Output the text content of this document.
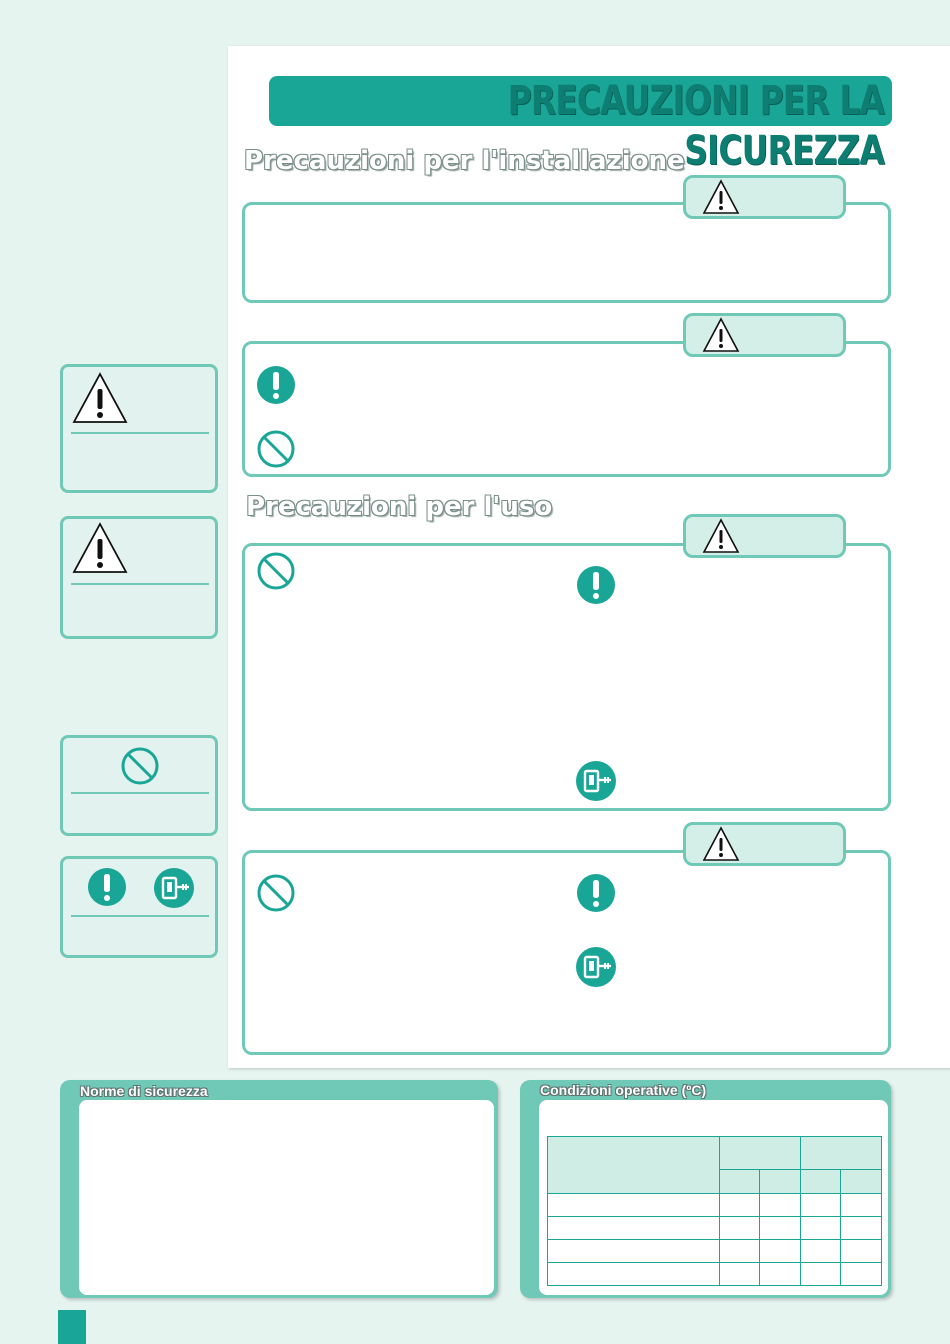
PRECAUZIONI PER LA SICUREZZA
Precauzioni per l'installazione
Precauzioni per l'uso
Norme di sicurezza	Condizioni operative (ºC)
